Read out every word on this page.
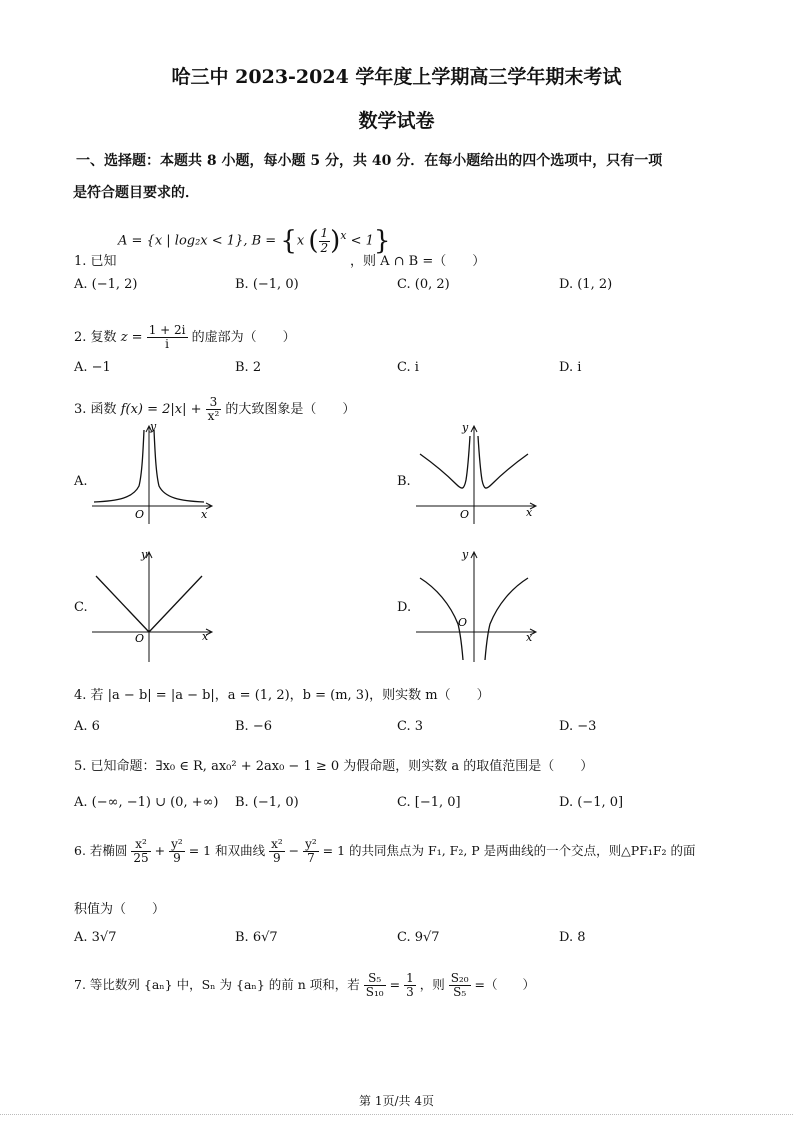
哈三中 2023-2024 学年度上学期高三学年期末考试
数学试卷
一、选择题：本题共 8 小题，每小题 5 分，共 40 分．在每小题给出的四个选项中，只有一项
是符合题目要求的．
1. 已知
A = {x | log₂x < 1}, B = {x ( $\frac{1}{2} )^x < 1$}
，则 A ∩ B =（　　）
A. (−1, 2)	B. (−1, 0)	C. (0, 2)	D. (1, 2)
2. 复数 $z = \frac{1 + 2i}{i}$ 的虚部为（　　）
A. −1	B. 2	C. i	D. i
3. 函数 $f(x) = 2|x| + \frac{3}{\text{x²}}$ 的大致图象是（　　）
A.	B.
C.	D.
y
x
O
y
x
O
y
x
O
y
x
O
4. 若 |a − b| = |a − b|，a = (1, 2)，b = (m, 3)，则实数 m（　　）
A. 6	B. −6	C. 3	D. −3
5. 已知命题：∃x₀ ∈ R, ax₀² + 2ax₀ − 1 ≥ 0 为假命题，则实数 a 的取值范围是（　　）
A. (−∞, −1) ∪ (0, +∞) B. (−1, 0)	C. [−1, 0]	D. (−1, 0]
6. 若椭圆 $\frac{\text{x²}}{25} + \frac{\text{y²}}{9} = 1$ 和双曲线 $\frac{\text{x²}}{9} - \frac{\text{y²}}{7} = 1$ 的共同焦点为 F₁, F₂, P 是两曲线的一个交点，则△PF₁F₂ 的面
积值为（　　）
A. 3√7	B. 6√7	C. 9√7	D. 8
7. 等比数列 {aₙ} 中，Sₙ 为 {aₙ} 的前 n 项和，若 $\frac{\text{S₅}}{\text{S₁₀}} = \frac{1}{3}$ ，则 $\frac{\text{S₂₀}}{\text{S₅}}$ =（　　）
第 1页/共 4页
